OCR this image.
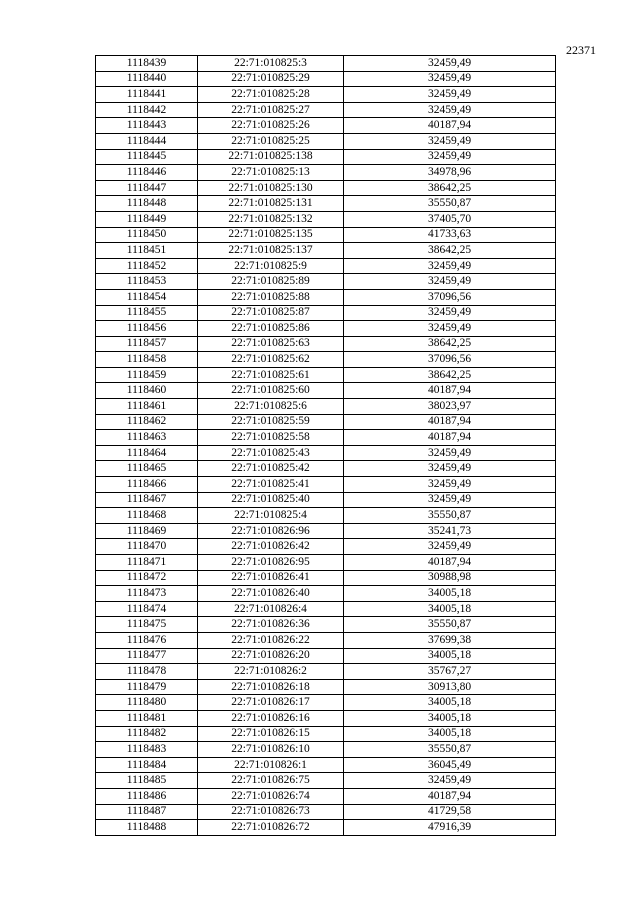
22371
1118439	22:71:010825:3	32459,49
1118440	22:71:010825:29	32459,49
1118441	22:71:010825:28	32459,49
1118442	22:71:010825:27	32459,49
1118443	22:71:010825:26	40187,94
1118444	22:71:010825:25	32459,49
1118445	22:71:010825:138	32459,49
1118446	22:71:010825:13	34978,96
1118447	22:71:010825:130	38642,25
1118448	22:71:010825:131	35550,87
1118449	22:71:010825:132	37405,70
1118450	22:71:010825:135	41733,63
1118451	22:71:010825:137	38642,25
1118452	22:71:010825:9	32459,49
1118453	22:71:010825:89	32459,49
1118454	22:71:010825:88	37096,56
1118455	22:71:010825:87	32459,49
1118456	22:71:010825:86	32459,49
1118457	22:71:010825:63	38642,25
1118458	22:71:010825:62	37096,56
1118459	22:71:010825:61	38642,25
1118460	22:71:010825:60	40187,94
1118461	22:71:010825:6	38023,97
1118462	22:71:010825:59	40187,94
1118463	22:71:010825:58	40187,94
1118464	22:71:010825:43	32459,49
1118465	22:71:010825:42	32459,49
1118466	22:71:010825:41	32459,49
1118467	22:71:010825:40	32459,49
1118468	22:71:010825:4	35550,87
1118469	22:71:010826:96	35241,73
1118470	22:71:010826:42	32459,49
1118471	22:71:010826:95	40187,94
1118472	22:71:010826:41	30988,98
1118473	22:71:010826:40	34005,18
1118474	22:71:010826:4	34005,18
1118475	22:71:010826:36	35550,87
1118476	22:71:010826:22	37699,38
1118477	22:71:010826:20	34005,18
1118478	22:71:010826:2	35767,27
1118479	22:71:010826:18	30913,80
1118480	22:71:010826:17	34005,18
1118481	22:71:010826:16	34005,18
1118482	22:71:010826:15	34005,18
1118483	22:71:010826:10	35550,87
1118484	22:71:010826:1	36045,49
1118485	22:71:010826:75	32459,49
1118486	22:71:010826:74	40187,94
1118487	22:71:010826:73	41729,58
1118488	22:71:010826:72	47916,39
